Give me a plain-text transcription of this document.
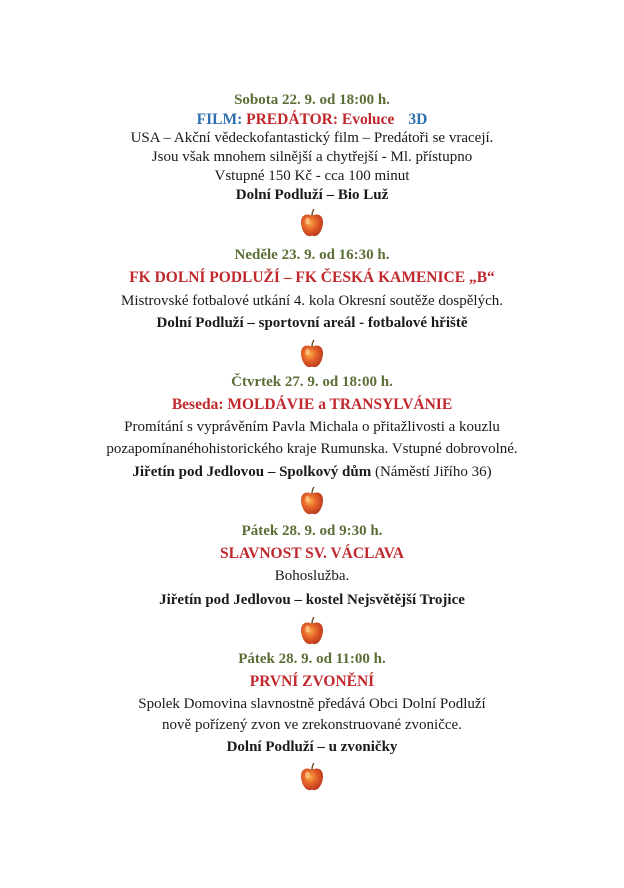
Sobota 22. 9. od 18:00 h.
FILM: PREDÁTOR: Evoluce 3D
USA – Akční vědeckofantastický film – Predátoři se vracejí.
Jsou však mnohem silnější a chytřejší - Ml. přístupno
Vstupné 150 Kč - cca 100 minut
Dolní Podluží – Bio Luž
Neděle 23. 9. od 16:30 h.
FK DOLNÍ PODLUŽÍ – FK ČESKÁ KAMENICE „B“
Mistrovské fotbalové utkání 4. kola Okresní soutěže dospělých.
Dolní Podluží – sportovní areál - fotbalové hřiště
Čtvrtek 27. 9. od 18:00 h.
Beseda: MOLDÁVIE a TRANSYLVÁNIE
Promítání s vyprávěním Pavla Michala o přitažlivosti a kouzlu
pozapomínanéhohistorického kraje Rumunska. Vstupné dobrovolné.
Jiřetín pod Jedlovou – Spolkový dům (Náměstí Jiřího 36)
Pátek 28. 9. od 9:30 h.
SLAVNOST SV. VÁCLAVA
Bohoslužba.
Jiřetín pod Jedlovou – kostel Nejsvětější Trojice
Pátek 28. 9. od 11:00 h.
PRVNÍ ZVONĚNÍ
Spolek Domovina slavnostně předává Obci Dolní Podluží
nově pořízený zvon ve zrekonstruované zvoničce.
Dolní Podluží – u zvoničky
